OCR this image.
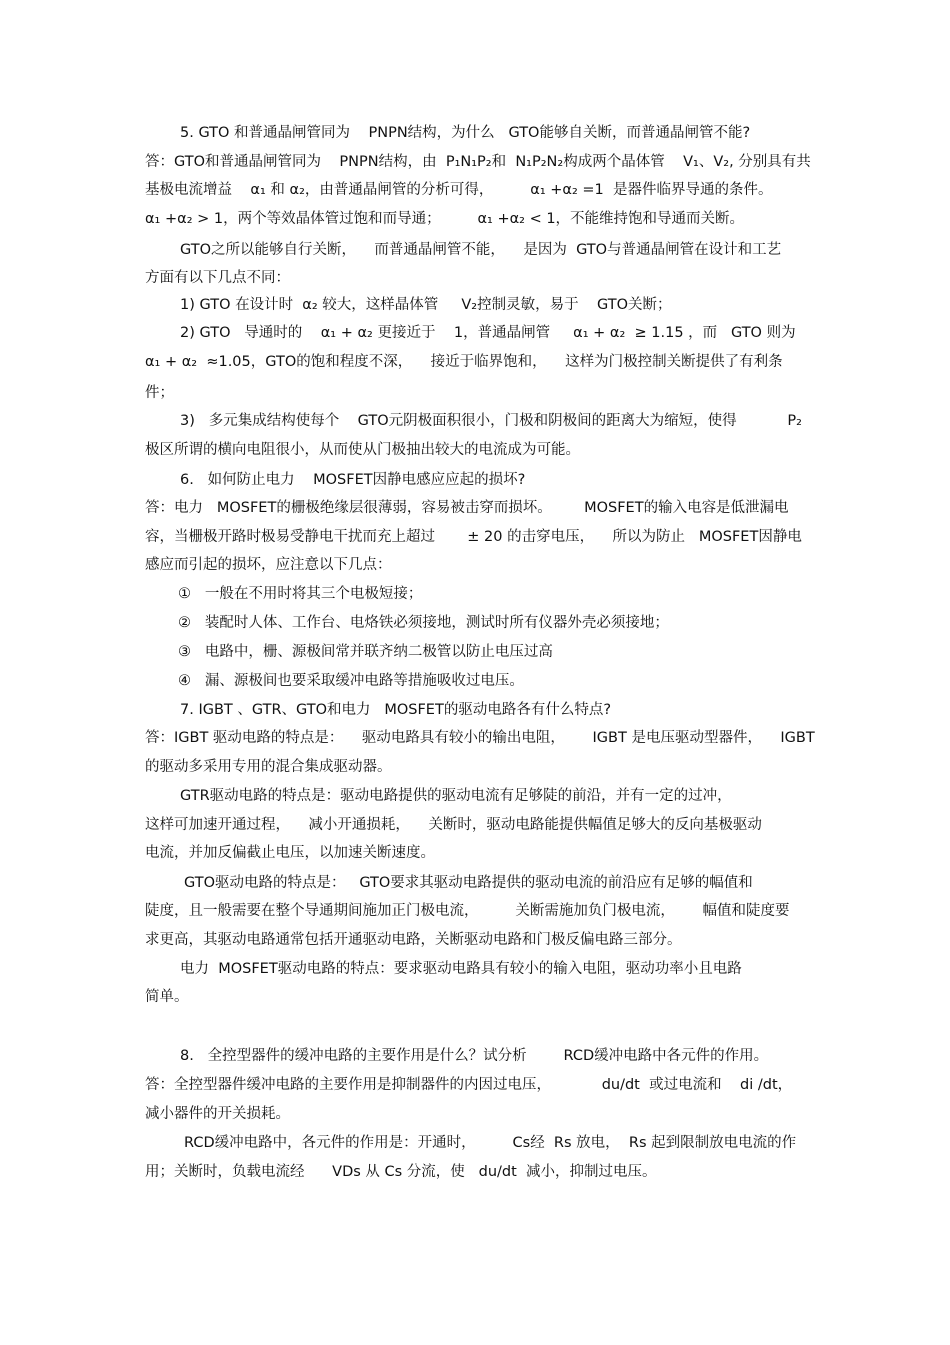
5. GTO 和普通晶闸管同为    PNPN结构，为什么   GTO能够自关断，而普通晶闸管不能?
答：GTO和普通晶闸管同为    PNPN结构，由  P₁N₁P₂和  N₁P₂N₂构成两个晶体管    V₁、V₂, 分别具有共
基极电流增益    α₁ 和 α₂，由普通晶闸管的分析可得，        α₁ +α₂ =1  是器件临界导通的条件。
α₁ +α₂ > 1，两个等效晶体管过饱和而导通；        α₁ +α₂ < 1，不能维持饱和导通而关断。
GTO之所以能够自行关断，    而普通晶闸管不能，    是因为  GTO与普通晶闸管在设计和工艺
方面有以下几点不同：
1) GTO 在设计时  α₂ 较大，这样晶体管     V₂控制灵敏，易于    GTO关断；
2) GTO   导通时的    α₁ + α₂ 更接近于    1，普通晶闸管     α₁ + α₂  ≥ 1.15 ，而   GTO 则为
α₁ + α₂  ≈1.05，GTO的饱和程度不深，    接近于临界饱和，    这样为门极控制关断提供了有利条
件；
3)   多元集成结构使每个    GTO元阴极面积很小，门极和阴极间的距离大为缩短，使得           P₂
极区所谓的横向电阻很小，从而使从门极抽出较大的电流成为可能。
6.   如何防止电力    MOSFET因静电感应应起的损坏?
答：电力   MOSFET的栅极绝缘层很薄弱，容易被击穿而损坏。       MOSFET的输入电容是低泄漏电
容，当栅极开路时极易受静电干扰而充上超过       ± 20 的击穿电压，    所以为防止   MOSFET因静电
感应而引起的损坏，应注意以下几点：
①   一般在不用时将其三个电极短接；
②   装配时人体、工作台、电烙铁必须接地，测试时所有仪器外壳必须接地；
③   电路中，栅、源极间常并联齐纳二极管以防止电压过高
④   漏、源极间也要采取缓冲电路等措施吸收过电压。
7. IGBT 、GTR、GTO和电力   MOSFET的驱动电路各有什么特点?
答：IGBT 驱动电路的特点是：    驱动电路具有较小的输出电阻，      IGBT 是电压驱动型器件，    IGBT
的驱动多采用专用的混合集成驱动器。
GTR驱动电路的特点是：驱动电路提供的驱动电流有足够陡的前沿，并有一定的过冲，
这样可加速开通过程，    减小开通损耗，    关断时，驱动电路能提供幅值足够大的反向基极驱动
电流，并加反偏截止电压，以加速关断速度。
GTO驱动电路的特点是：   GTO要求其驱动电路提供的驱动电流的前沿应有足够的幅值和
陡度，且一般需要在整个导通期间施加正门极电流，        关断需施加负门极电流，      幅值和陡度要
求更高，其驱动电路通常包括开通驱动电路，关断驱动电路和门极反偏电路三部分。
电力  MOSFET驱动电路的特点：要求驱动电路具有较小的输入电阻，驱动功率小且电路
简单。
8.   全控型器件的缓冲电路的主要作用是什么？试分析        RCD缓冲电路中各元件的作用。
答：全控型器件缓冲电路的主要作用是抑制器件的内因过电压，           du/dt  或过电流和    di /dt，
减小器件的开关损耗。
RCD缓冲电路中，各元件的作用是：开通时，        Cs经  Rs 放电，  Rs 起到限制放电电流的作
用；关断时，负载电流经      VDs 从 Cs 分流，使   du/dt  减小，抑制过电压。
